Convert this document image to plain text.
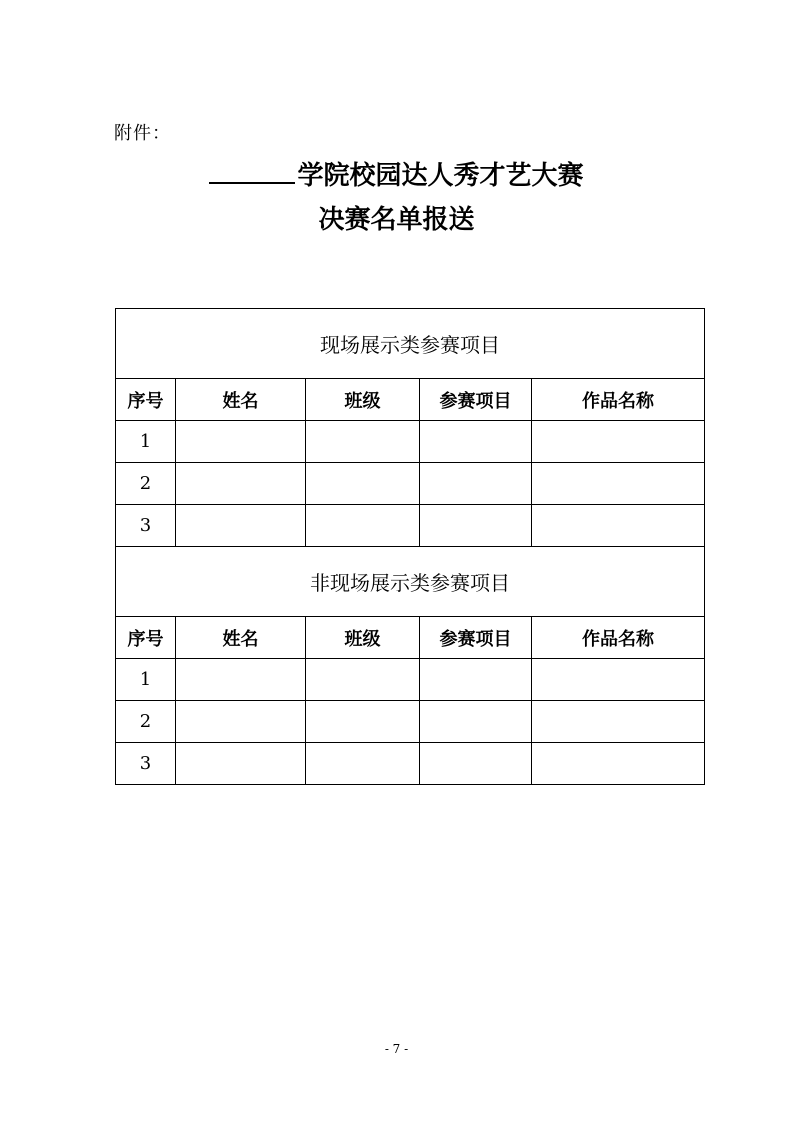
附件：
学院校园达人秀才艺大赛
决赛名单报送
现场展示类参赛项目				
序号	姓名	班级	参赛项目	作品名称
1				
2				
3				
非现场展示类参赛项目				
序号	姓名	班级	参赛项目	作品名称
1				
2				
3				
- 7 -
